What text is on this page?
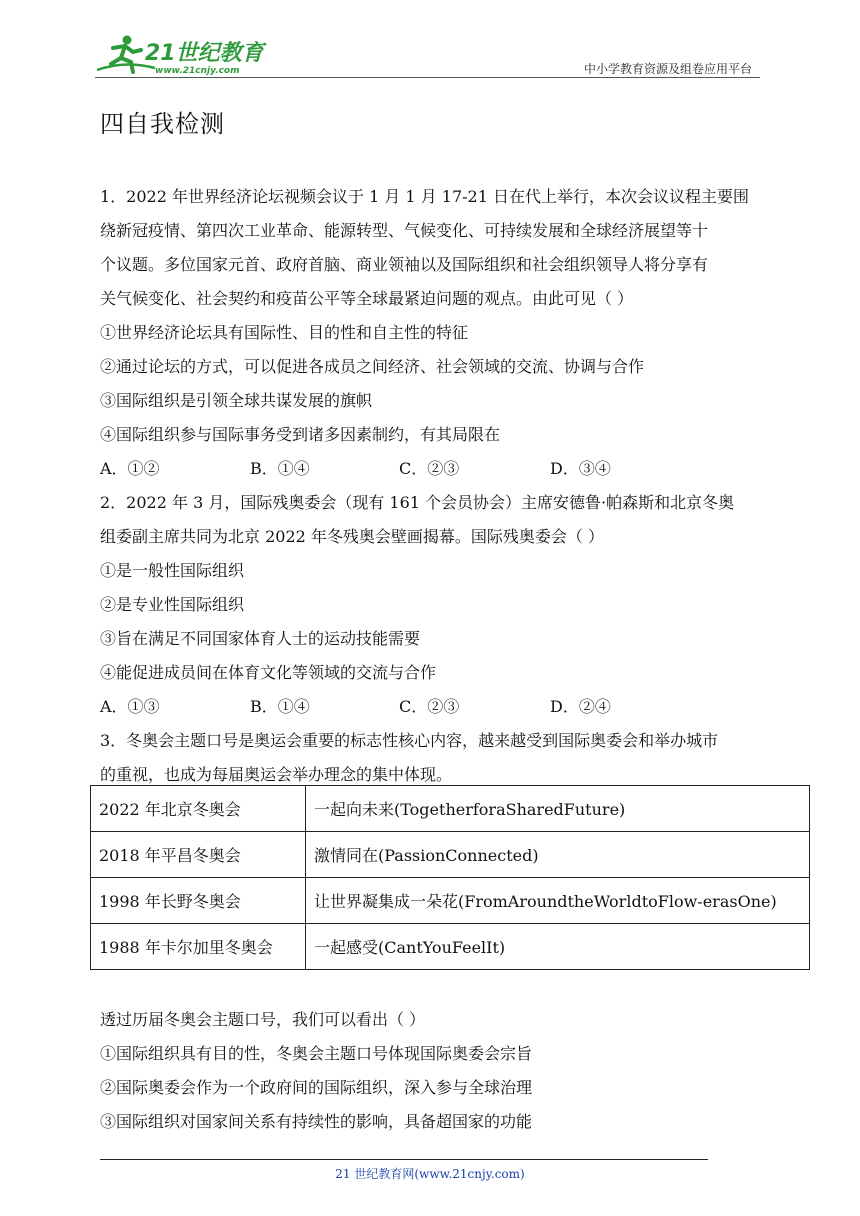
21世纪教育
www.21cnjy.com	中小学教育资源及组卷应用平台
四自我检测
1．2022 年世界经济论坛视频会议于 1 月 1 月 17-21 日在代上举行，本次会议议程主要围
绕新冠疫情、第四次工业革命、能源转型、气候变化、可持续发展和全球经济展望等十
个议题。多位国家元首、政府首脑、商业领袖以及国际组织和社会组织领导人将分享有
关气候变化、社会契约和疫苗公平等全球最紧迫问题的观点。由此可见（ ）
①世界经济论坛具有国际性、目的性和自主性的特征
②通过论坛的方式，可以促进各成员之间经济、社会领域的交流、协调与合作
③国际组织是引领全球共谋发展的旗帜
④国际组织参与国际事务受到诸多因素制约，有其局限在
A．①②	B．①④	C．②③	D．③④
2．2022 年 3 月，国际残奥委会（现有 161 个会员协会）主席安德鲁·帕森斯和北京冬奥
组委副主席共同为北京 2022 年冬残奥会壁画揭幕。国际残奥委会（ ）
①是一般性国际组织
②是专业性国际组织
③旨在满足不同国家体育人士的运动技能需要
④能促进成员间在体育文化等领域的交流与合作
A．①③	B．①④	C．②③	D．②④
3．冬奥会主题口号是奥运会重要的标志性核心内容，越来越受到国际奥委会和举办城市
的重视，也成为每届奥运会举办理念的集中体现。
2022 年北京冬奥会	一起向未来(TogetherforaSharedFuture)
2018 年平昌冬奥会	激情同在(PassionConnected)
1998 年长野冬奥会	让世界凝集成一朵花(FromAroundtheWorldtoFlow-erasOne)
1988 年卡尔加里冬奥会	一起感受(CantYouFeelIt)
透过历届冬奥会主题口号，我们可以看出（ ）
①国际组织具有目的性，冬奥会主题口号体现国际奥委会宗旨
②国际奥委会作为一个政府间的国际组织，深入参与全球治理
③国际组织对国家间关系有持续性的影响，具备超国家的功能
21 世纪教育网(www.21cnjy.com)
